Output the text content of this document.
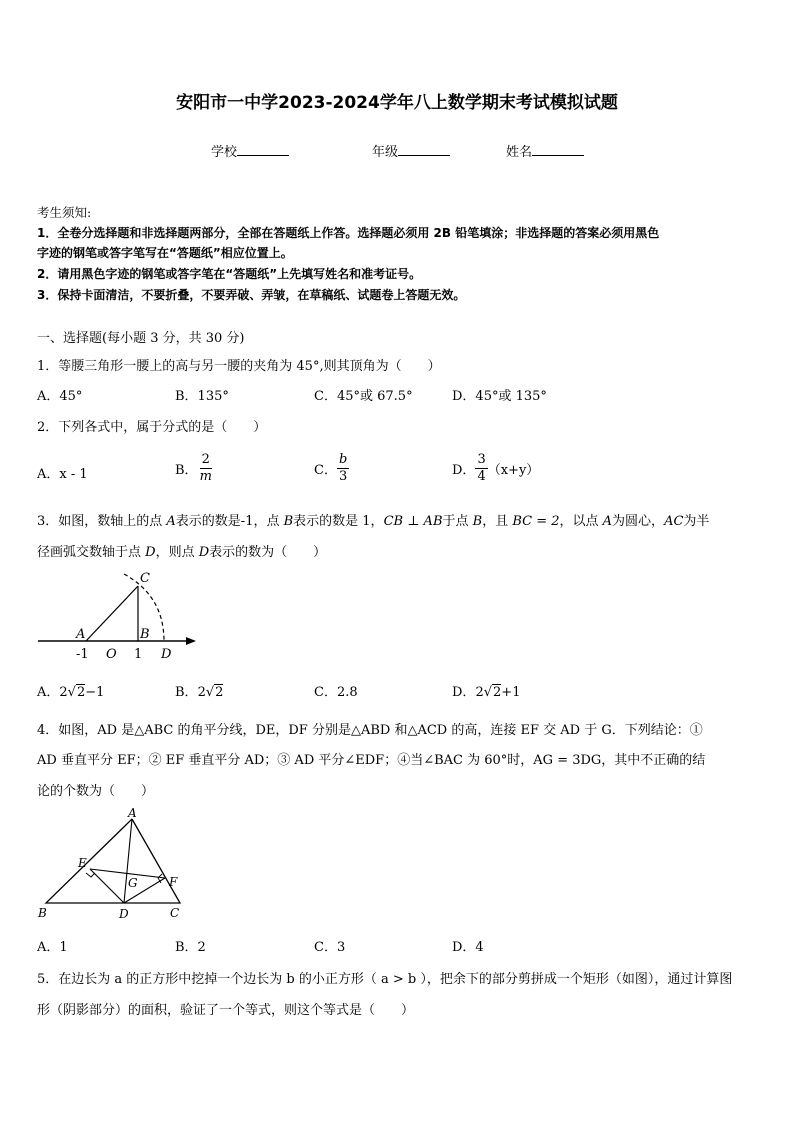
安阳市一中学2023-2024学年八上数学期末考试模拟试题
学校	年级	姓名
考生须知:
1．全卷分选择题和非选择题两部分，全部在答题纸上作答。选择题必须用 2B 铅笔填涂；非选择题的答案必须用黑色
字迹的钢笔或答字笔写在“答题纸”相应位置上。
2．请用黑色字迹的钢笔或答字笔在“答题纸”上先填写姓名和准考证号。
3．保持卡面清洁，不要折叠，不要弄破、弄皱，在草稿纸、试题卷上答题无效。
一、选择题(每小题 3 分，共 30 分)
1．等腰三角形一腰上的高与另一腰的夹角为 45°,则其顶角为（　　）
A．45°	B．135°	C．45°或 67.5°	D．45°或 135°
2．下列各式中，属于分式的是（　　）
A．x - 1	B． $\frac{2}{m}$	C． $\frac{b}{3}$	D． $\frac{3}{4} (x+y)$
3．如图，数轴上的点 A表示的数是-1，点 B表示的数是 1，CB ⊥ AB于点 B，且 BC = 2，以点 A为圆心，AC为半
径画弧交数轴于点 D，则点 D表示的数为（　　）
C
A	B
-1 O 1 D
A．2√2−1	B．2√2	C．2.8	D．2√2+1
4．如图，AD 是△ABC 的角平分线，DE，DF 分别是△ABD 和△ACD 的高，连接 EF 交 AD 于 G．下列结论：①
AD 垂直平分 EF；② EF 垂直平分 AD；③ AD 平分∠EDF；④当∠BAC 为 60°时，AG = 3DG，其中不正确的结
论的个数为（　　）
A
E
G	F
B	D	C
A．1	B．2	C．3	D．4
5．在边长为 a 的正方形中挖掉一个边长为 b 的小正方形（ a > b ），把余下的部分剪拼成一个矩形（如图），通过计算图
形（阴影部分）的面积，验证了一个等式，则这个等式是（　　）
